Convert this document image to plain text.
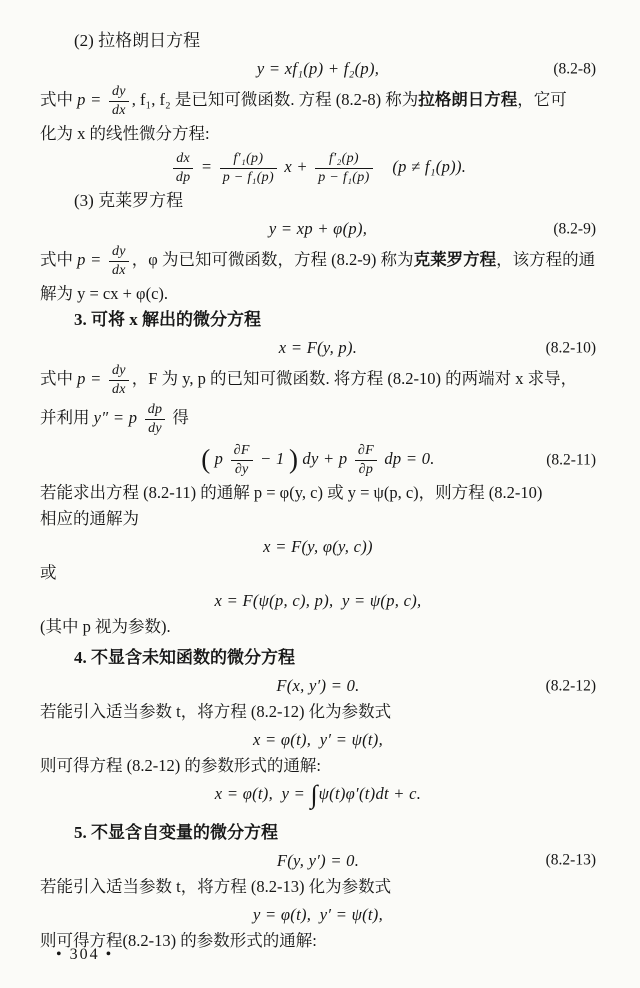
(2) 拉格朗日方程
y = xf₁(p) + f₂(p),	(8.2-8)
式中 $p = \frac{dy}{dx}$ , f₁, f₂ 是已知可微函数. 方程 (8.2-8) 称为拉格朗日方程，它可
化为 x 的线性微分方程:
$\frac{dx}{dp} = \frac{\text{f′₁(p)}}{\text{p − f₁(p)}}$ $x + \frac{\text{f′₂(p)}}{\text{p − f₁(p)}}$  (p ≠ f₁(p)).
(3) 克莱罗方程
y = xp + φ(p),	(8.2-9)
式中 $p = \frac{dy}{dx}$ ，φ 为已知可微函数，方程 (8.2-9) 称为克莱罗方程，该方程的通
解为 y = cx + φ(c).
3. 可将 x 解出的微分方程
x = F(y, p).	(8.2-10)
式中 $p = \frac{dy}{dx}$ ，F 为 y, p 的已知可微函数. 将方程 (8.2-10) 的两端对 x 求导，
并利用 y″ = p $\frac{dp}{dy}$ 得
( p $\frac{\partial F}{\partial y} - 1$ ) dy + p $\frac{\partial F}{\partial p}$ dp = 0.	(8.2-11)
若能求出方程 (8.2-11) 的通解 p = φ(y, c) 或 y = ψ(p, c)，则方程 (8.2-10)
相应的通解为
x = F(y, φ(y, c))
或
x = F(ψ(p, c), p), y = ψ(p, c),
(其中 p 视为参数).
4. 不显含未知函数的微分方程
F(x, y′) = 0.	(8.2-12)
若能引入适当参数 t，将方程 (8.2-12) 化为参数式
x = φ(t), y′ = ψ(t),
则可得方程 (8.2-12) 的参数形式的通解:
x = φ(t), y = ∫ψ(t)φ′(t)dt + c.
5. 不显含自变量的微分方程
F(y, y′) = 0.	(8.2-13)
若能引入适当参数 t，将方程 (8.2-13) 化为参数式
y = φ(t), y′ = ψ(t),
则可得方程(8.2-13) 的参数形式的通解:
• 304 •
